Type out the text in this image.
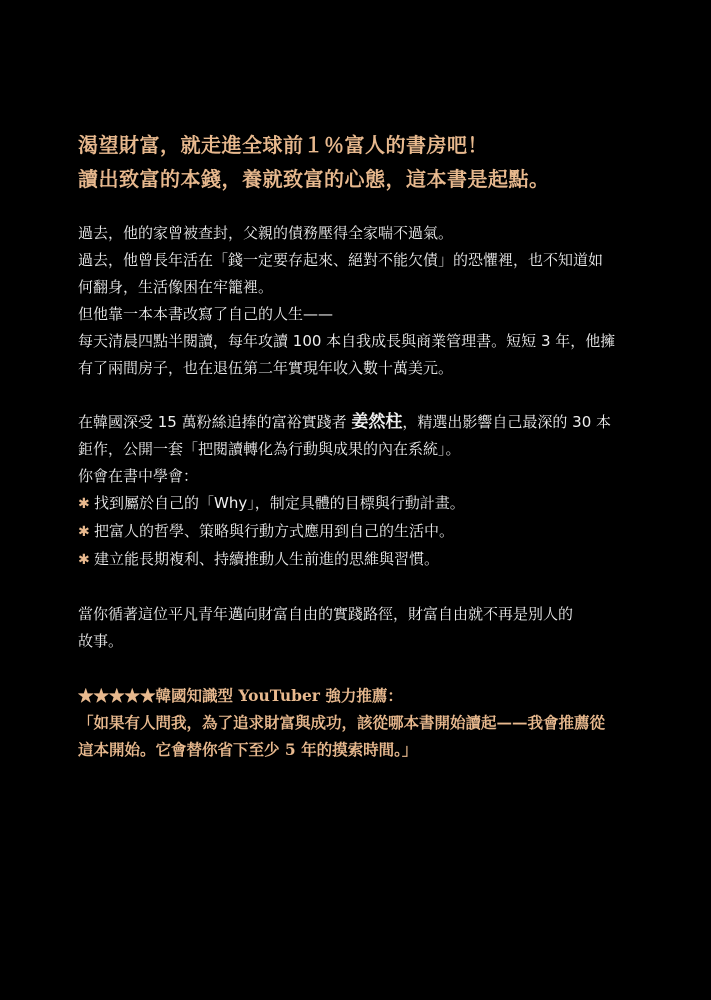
渴望財富，就走進全球前１％富人的書房吧！
讀出致富的本錢，養就致富的心態，這本書是起點。

過去，他的家曾被查封，父親的債務壓得全家喘不過氣。
過去，他曾長年活在「錢一定要存起來、絕對不能欠債」的恐懼裡，也不知道如
何翻身，生活像困在牢籠裡。
但他靠一本本書改寫了自己的人生——
每天清晨四點半閱讀，每年攻讀 100 本自我成長與商業管理書。短短 3 年，他擁
有了兩間房子，也在退伍第二年實現年收入數十萬美元。

在韓國深受 15 萬粉絲追捧的富裕實踐者 姜然柱，精選出影響自己最深的 30 本
鉅作，公開一套「把閱讀轉化為行動與成果的內在系統」。
你會在書中學會：
✱ 找到屬於自己的「Why」，制定具體的目標與行動計畫。
✱ 把富人的哲學、策略與行動方式應用到自己的生活中。
✱ 建立能長期複利、持續推動人生前進的思維與習慣。

當你循著這位平凡青年邁向財富自由的實踐路徑，財富自由就不再是別人的
故事。

★★★★★韓國知識型 YouTuber 強力推薦：
「如果有人問我，為了追求財富與成功，該從哪本書開始讀起——我會推薦從
這本開始。它會替你省下至少 5 年的摸索時間。」
